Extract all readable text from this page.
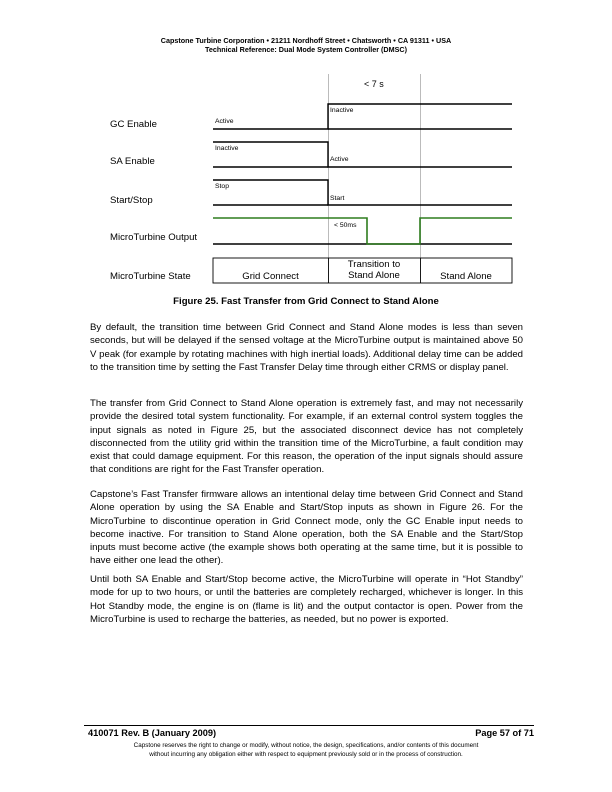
Capstone Turbine Corporation • 21211 Nordhoff Street • Chatsworth • CA 91311 • USA
Technical Reference: Dual Mode System Controller (DMSC)
< 7 s
GC Enable	Active
Inactive
SA Enable
Inactive
Active
Start/Stop
Stop
Start
MicroTurbine Output
< 50ms
MicroTurbine State	Grid Connect
Transition to
Stand Alone	Stand Alone
Figure 25. Fast Transfer from Grid Connect to Stand Alone

By default, the transition time between Grid Connect and Stand Alone modes is less than seven seconds, but will be delayed if the sensed voltage at the MicroTurbine output is maintained above 50 V peak (for example by rotating machines with high inertial loads). Additional delay time can be added to the transition time by setting the Fast Transfer Delay time through either CRMS or display panel.

The transfer from Grid Connect to Stand Alone operation is extremely fast, and may not necessarily provide the desired total system functionality. For example, if an external control system toggles the input signals as noted in Figure 25, but the associated disconnect device has not completely disconnected from the utility grid within the transition time of the MicroTurbine, a fault condition may exist that could damage equipment. For this reason, the operation of the input signals should assure that conditions are right for the Fast Transfer operation.

Capstone’s Fast Transfer firmware allows an intentional delay time between Grid Connect and Stand Alone operation by using the SA Enable and Start/Stop inputs as shown in Figure 26. For the MicroTurbine to discontinue operation in Grid Connect mode, only the GC Enable input needs to become inactive. For transition to Stand Alone operation, both the SA Enable and the Start/Stop inputs must become active (the example shows both operating at the same time, but it is possible to have either one lead the other).

Until both SA Enable and Start/Stop become active, the MicroTurbine will operate in “Hot Standby” mode for up to two hours, or until the batteries are completely recharged, whichever is longer. In this Hot Standby mode, the engine is on (flame is lit) and the output contactor is open. Power from the MicroTurbine is used to recharge the batteries, as needed, but no power is exported.

410071 Rev. B (January 2009)	Page 57 of 71
Capstone reserves the right to change or modify, without notice, the design, specifications, and/or contents of this document
without incurring any obligation either with respect to equipment previously sold or in the process of construction.
